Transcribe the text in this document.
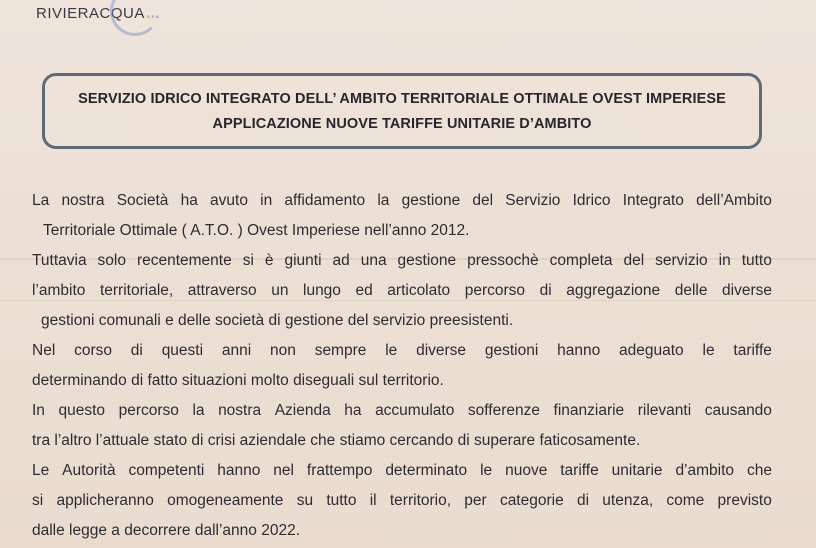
RIVIERACQUA S.P.A.
SERVIZIO IDRICO INTEGRATO DELL’ AMBITO TERRITORIALE OTTIMALE OVEST IMPERIESE
APPLICAZIONE NUOVE TARIFFE UNITARIE D’AMBITO
La nostra Società ha avuto in affidamento la gestione del Servizio Idrico Integrato dell’Ambito
Territoriale Ottimale ( A.T.O. ) Ovest Imperiese nell’anno 2012.
Tuttavia solo recentemente si è giunti ad una gestione pressochè completa del servizio in tutto
l’ambito territoriale, attraverso un lungo ed articolato percorso di aggregazione delle diverse
gestioni comunali e delle società di gestione del servizio preesistenti.
Nel corso di questi anni non sempre le diverse gestioni hanno adeguato le tariffe
determinando di fatto situazioni molto diseguali sul territorio.
In questo percorso la nostra Azienda ha accumulato sofferenze finanziarie rilevanti causando
tra l’altro l’attuale stato di crisi aziendale che stiamo cercando di superare faticosamente.
Le Autorità competenti hanno nel frattempo determinato le nuove tariffe unitarie d’ambito che
si applicheranno omogeneamente su tutto il territorio, per categorie di utenza, come previsto
dalle legge a decorrere dall’anno 2022.
